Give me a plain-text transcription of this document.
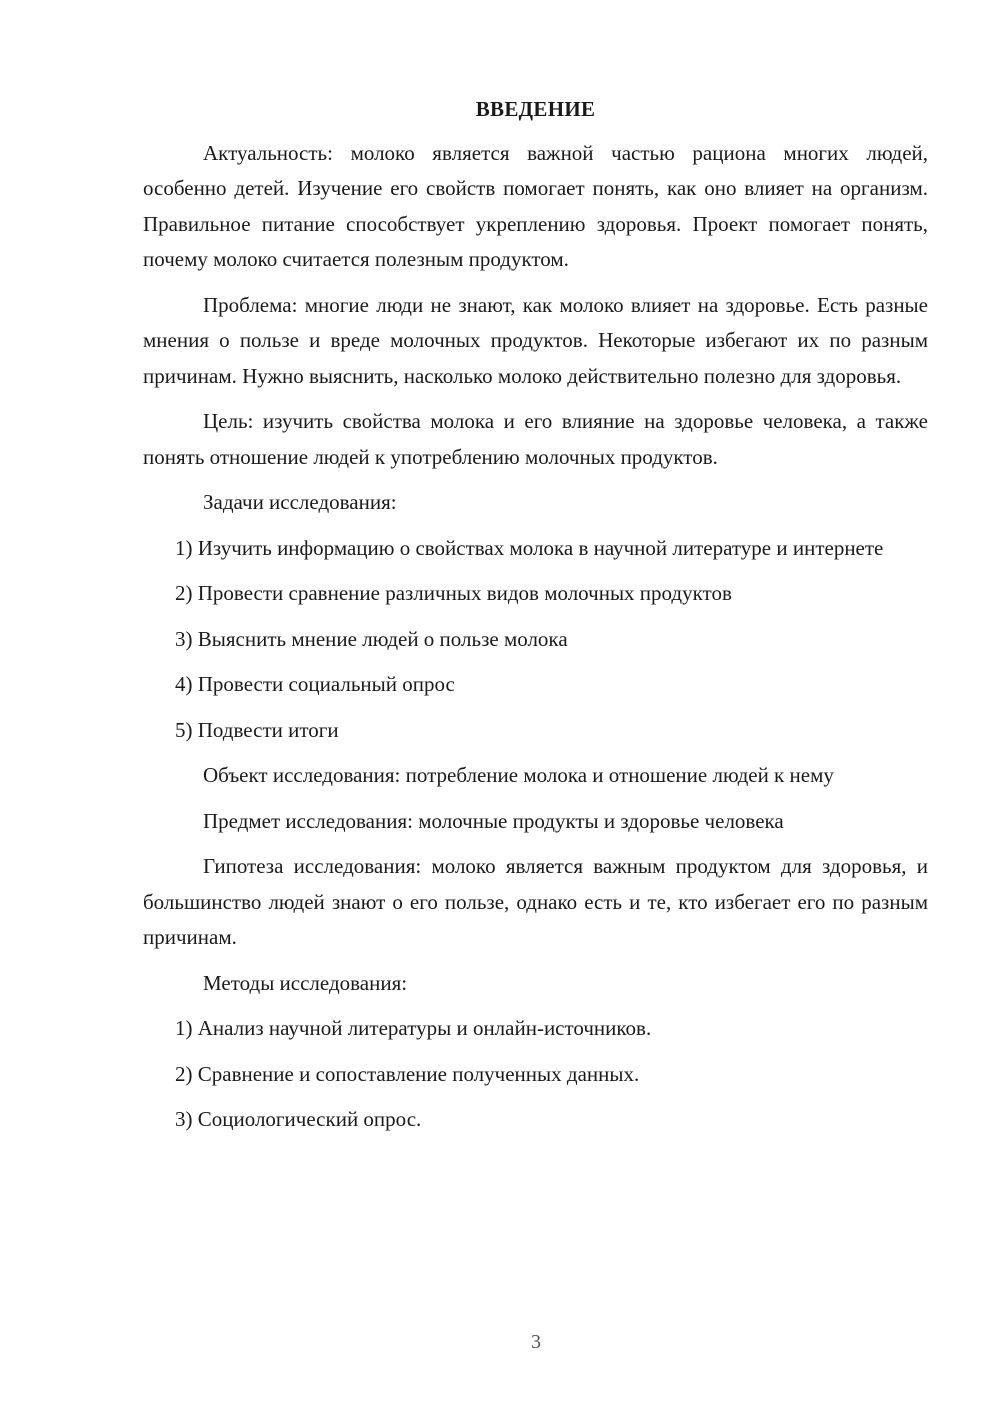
ВВЕДЕНИЕ

Актуальность: молоко является важной частью рациона многих людей, особенно детей. Изучение его свойств помогает понять, как оно влияет на организм. Правильное питание способствует укреплению здоровья. Проект помогает понять, почему молоко считается полезным продуктом.

Проблема: многие люди не знают, как молоко влияет на здоровье. Есть разные мнения о пользе и вреде молочных продуктов. Некоторые избегают их по разным причинам. Нужно выяснить, насколько молоко действительно полезно для здоровья.

Цель: изучить свойства молока и его влияние на здоровье человека, а также понять отношение людей к употреблению молочных продуктов.

Задачи исследования:

1) Изучить информацию о свойствах молока в научной литературе и интернете

2) Провести сравнение различных видов молочных продуктов

3) Выяснить мнение людей о пользе молока

4) Провести социальный опрос

5) Подвести итоги

Объект исследования: потребление молока и отношение людей к нему

Предмет исследования: молочные продукты и здоровье человека

Гипотеза исследования: молоко является важным продуктом для здоровья, и большинство людей знают о его пользе, однако есть и те, кто избегает его по разным причинам.

Методы исследования:

1) Анализ научной литературы и онлайн-источников.

2) Сравнение и сопоставление полученных данных.

3) Социологический опрос.

3
